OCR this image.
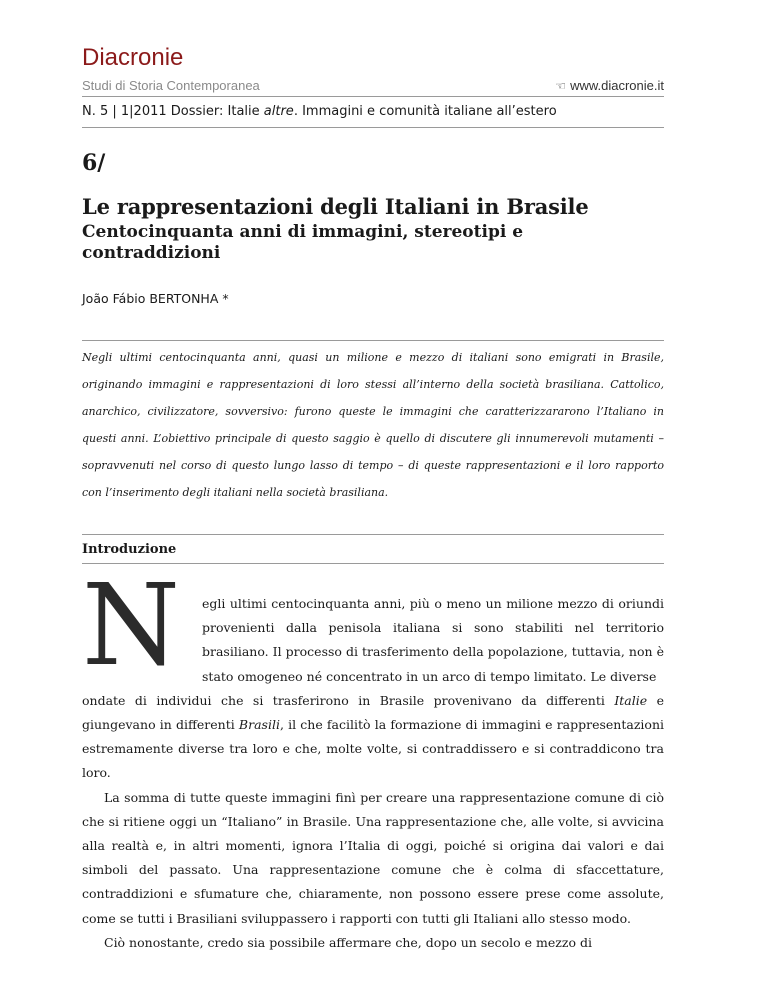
Diacronie
Studi di Storia Contemporanea	☜ www.diacronie.it
N. 5 | 1|2011 Dossier: Italie altre. Immagini e comunità italiane all’estero
6/
Le rappresentazioni degli Italiani in Brasile
Centocinquanta anni di immagini, stereotipi e contraddizioni
João Fábio BERTONHA *
Negli ultimi centocinquanta anni, quasi un milione e mezzo di italiani sono emigrati in Brasile, originando immagini e rappresentazioni di loro stessi all’interno della società brasiliana. Cattolico, anarchico, civilizzatore, sovversivo: furono queste le immagini che caratterizzararono l’Italiano in questi anni. L’obiettivo principale di questo saggio è quello di discutere gli innumerevoli mutamenti – sopravvenuti nel corso di questo lungo lasso di tempo – di queste rappresentazioni e il loro rapporto con l’inserimento degli italiani nella società brasiliana.
Introduzione
N	egli ultimi centocinquanta anni, più o meno un milione mezzo di oriundi provenienti dalla penisola italiana si sono stabiliti nel territorio brasiliano. Il processo di trasferimento della popolazione, tuttavia, non è stato omogeneo né concentrato in un arco di tempo limitato. Le diverse

ondate di individui che si trasferirono in Brasile provenivano da differenti Italie e giungevano in differenti Brasili, il che facilitò la formazione di immagini e rappresentazioni estremamente diverse tra loro e che, molte volte, si contraddissero e si contraddicono tra loro.

La somma di tutte queste immagini finì per creare una rappresentazione comune di ciò che si ritiene oggi un “Italiano” in Brasile. Una rappresentazione che, alle volte, si avvicina alla realtà e, in altri momenti, ignora l’Italia di oggi, poiché si origina dai valori e dai simboli del passato. Una rappresentazione comune che è colma di sfaccettature, contraddizioni e sfumature che, chiaramente, non possono essere prese come assolute, come se tutti i Brasiliani sviluppassero i rapporti con tutti gli Italiani allo stesso modo.

Ciò nonostante, credo sia possibile affermare che, dopo un secolo e mezzo di
